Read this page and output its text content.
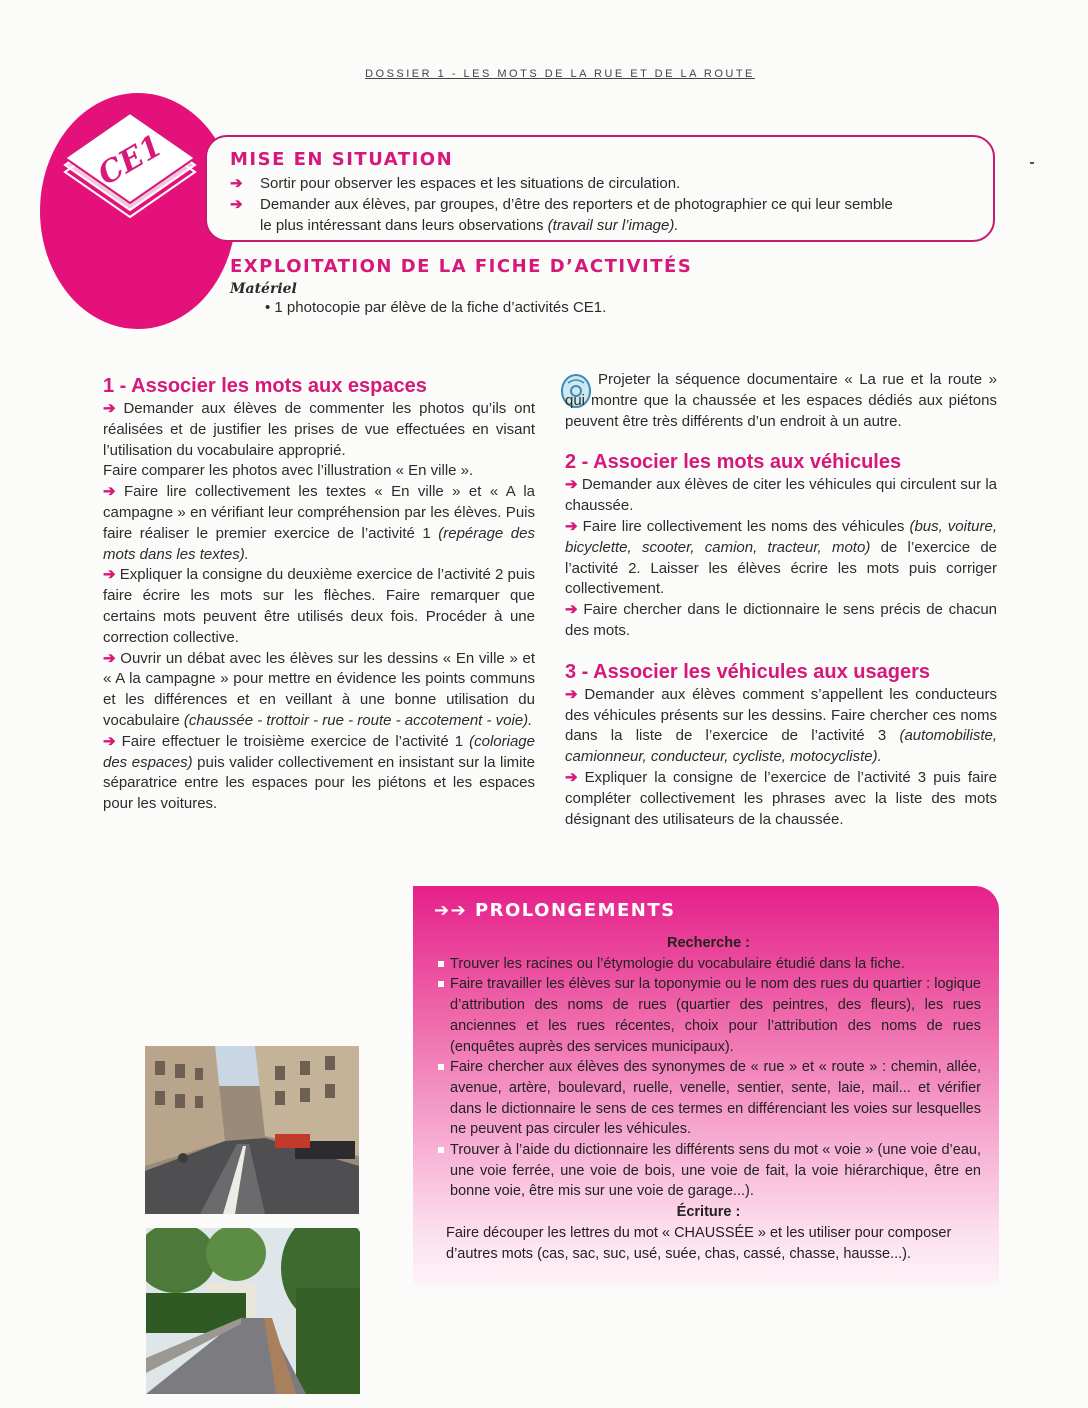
DOSSIER 1 - LES MOTS DE LA RUE ET DE LA ROUTE
CE1	MISE EN SITUATION
➔	Sortir pour observer les espaces et les situations de circulation.
➔	Demander aux élèves, par groupes, d’être des reporters et de photographier ce qui leur semble
le plus intéressant dans leurs observations (travail sur l’image).
EXPLOITATION DE LA FICHE D’ACTIVITÉS
Matériel
• 1 photocopie par élève de la fiche d’activités CE1.

1 - Associer les mots aux espaces

➔ Demander aux élèves de commenter les photos qu’ils ont réalisées et de justifier les prises de vue effectuées en visant l’utilisation du vocabulaire approprié.

Faire comparer les photos avec l’illustration « En ville ».

➔ Faire lire collectivement les textes « En ville » et « A la campagne » en vérifiant leur compréhension par les élèves. Puis faire réaliser le premier exercice de l’activité 1 (repérage des mots dans les textes).

➔ Expliquer la consigne du deuxième exercice de l’activité 2 puis faire écrire les mots sur les flèches. Faire remarquer que certains mots peuvent être utilisés deux fois. Procéder à une correction collective.

➔ Ouvrir un débat avec les élèves sur les dessins « En ville » et « A la campagne » pour mettre en évidence les points communs et les différences et en veillant à une bonne utilisation du vocabulaire (chaussée - trottoir - rue - route - accotement - voie).

➔ Faire effectuer le troisième exercice de l’activité 1 (coloriage des espaces) puis valider collectivement en insistant sur la limite séparatrice entre les espaces pour les piétons et les espaces pour les voitures.

Projeter la séquence documentaire « La rue et la route » qui montre que la chaussée et les espaces dédiés aux piétons peuvent être très différents d’un endroit à un autre.

2 - Associer les mots aux véhicules

➔ Demander aux élèves de citer les véhicules qui circulent sur la chaussée.

➔ Faire lire collectivement les noms des véhicules (bus, voiture, bicyclette, scooter, camion, tracteur, moto) de l’exercice de l’activité 2. Laisser les élèves écrire les mots puis corriger collectivement.

➔ Faire chercher dans le dictionnaire le sens précis de chacun des mots.

3 - Associer les véhicules aux usagers

➔ Demander aux élèves comment s’appellent les conducteurs des véhicules présents sur les dessins. Faire chercher ces noms dans la liste de l’exercice de l’activité 3 (automobiliste, camionneur, conducteur, cycliste, motocycliste).

➔ Expliquer la consigne de l’exercice de l’activité 3 puis faire compléter collectivement les phrases avec la liste des mots désignant des utilisateurs de la chaussée.

➔➔ PROLONGEMENTS
Recherche :
Trouver les racines ou l’étymologie du vocabulaire étudié dans la fiche.
Faire travailler les élèves sur la toponymie ou le nom des rues du quartier : logique d’attribution des noms de rues (quartier des peintres, des fleurs), les rues anciennes et les rues récentes, choix pour l’attribution des noms de rues (enquêtes auprès des services municipaux).
Faire chercher aux élèves des synonymes de « rue » et « route » : chemin, allée, avenue, artère, boulevard, ruelle, venelle, sentier, sente, laie, mail... et vérifier dans le dictionnaire le sens de ces termes en différenciant les voies sur lesquelles ne peuvent pas circuler les véhicules.
Trouver à l’aide du dictionnaire les différents sens du mot « voie » (une voie d’eau, une voie ferrée, une voie de bois, une voie de fait, la voie hiérarchique, être en bonne voie, être mis sur une voie de garage...).
Écriture :
Faire découper les lettres du mot « CHAUSSÉE » et les utiliser pour composer d’autres mots (cas, sac, suc, usé, suée, chas, cassé, chasse, hausse...).
